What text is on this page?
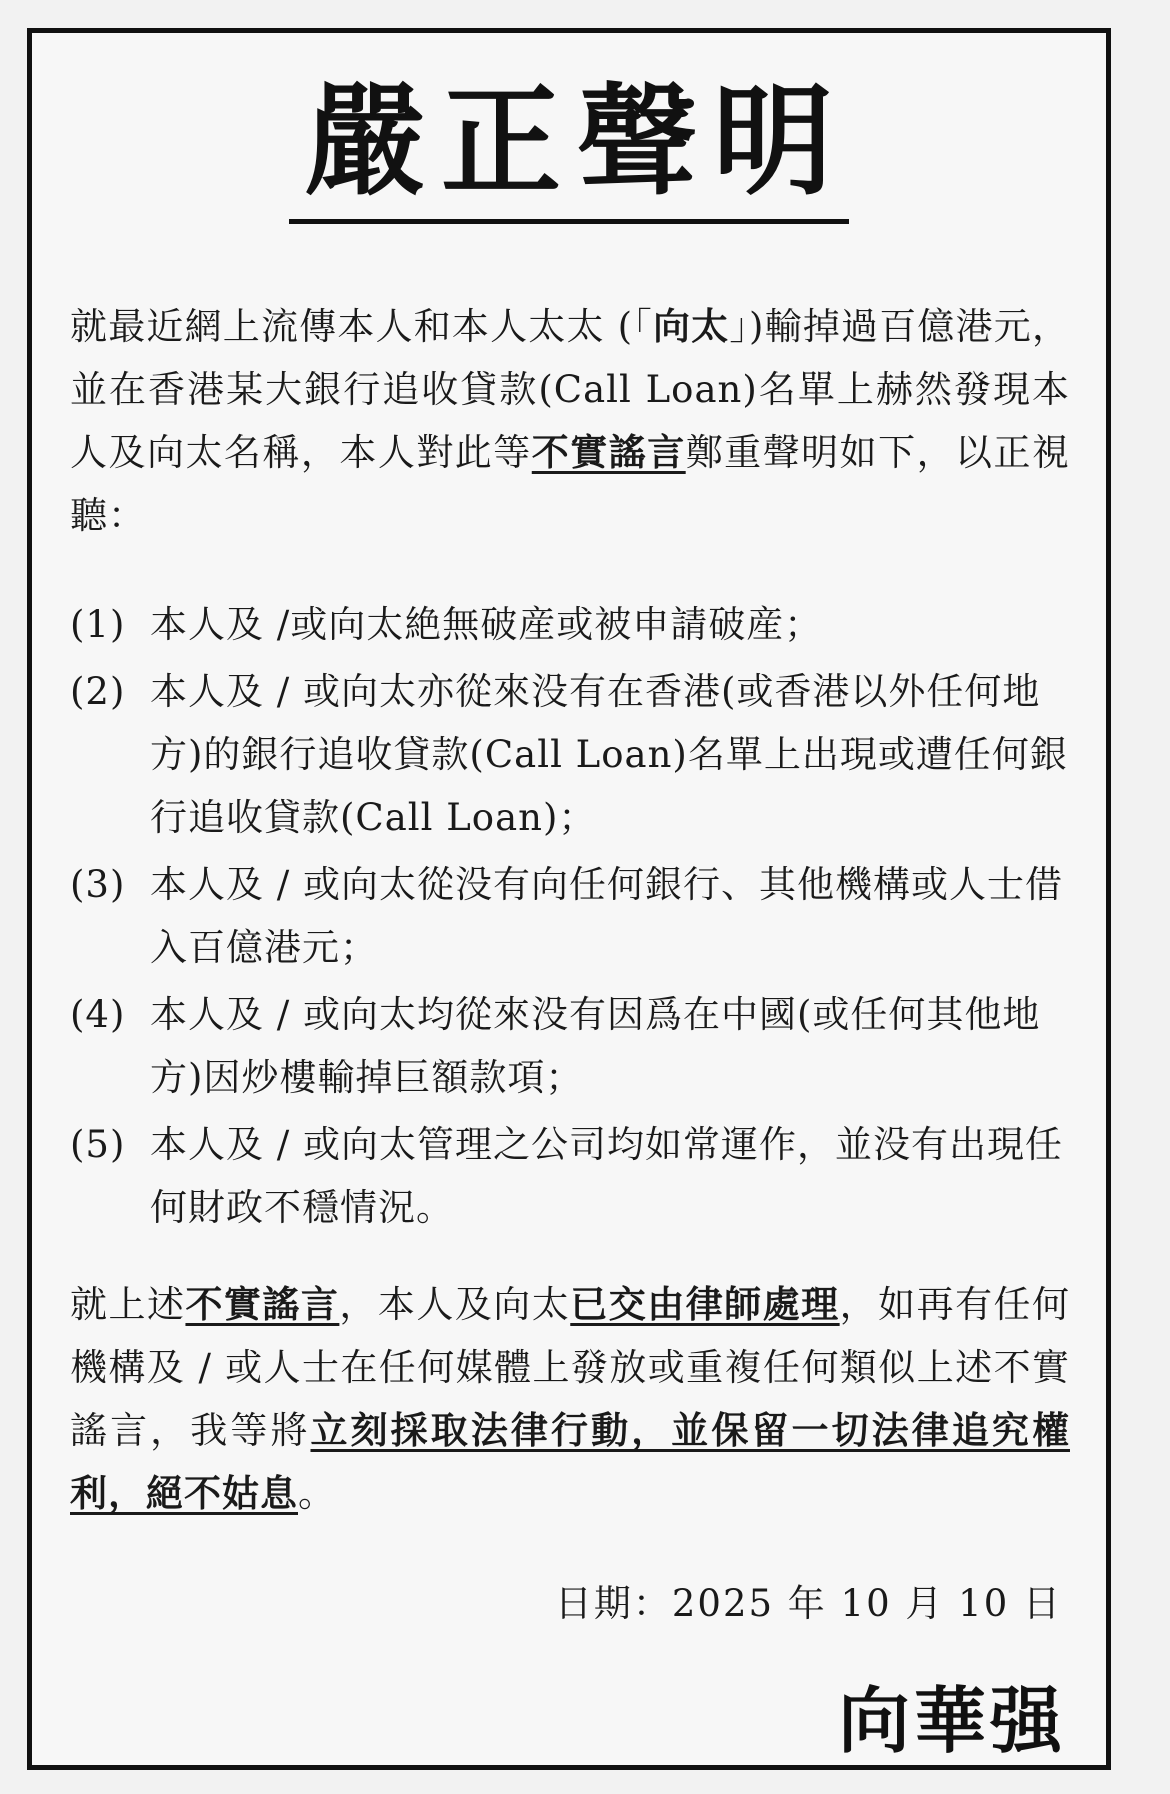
嚴正聲明
就最近網上流傳本人和本人太太 (「向太」)輸掉過百億港元，並在香港某大銀行追收貸款(Call Loan)名單上赫然發現本人及向太名稱，本人對此等不實謠言鄭重聲明如下，以正視聽：
(1) 本人及 /或向太絶無破産或被申請破産；
(2) 本人及 / 或向太亦從來没有在香港(或香港以外任何地方)的銀行追收貸款(Call Loan)名單上出現或遭任何銀 行追收貸款(Call Loan)；
(3) 本人及 / 或向太從没有向任何銀行、其他機構或人士借入百億港元；
(4) 本人及 / 或向太均從來没有因爲在中國(或任何其他地方)因炒樓輸掉巨額款項；
(5) 本人及 / 或向太管理之公司均如常運作，並没有出現任何財政不穩情況。
就上述不實謠言，本人及向太已交由律師處理，如再有任何機構及 / 或人士在任何媒體上發放或重複任何類似上述不實謠言，我等將立刻採取法律行動，並保留一切法律追究權利，絕不姑息。
日期：2025 年 10 月 10 日
向華强
